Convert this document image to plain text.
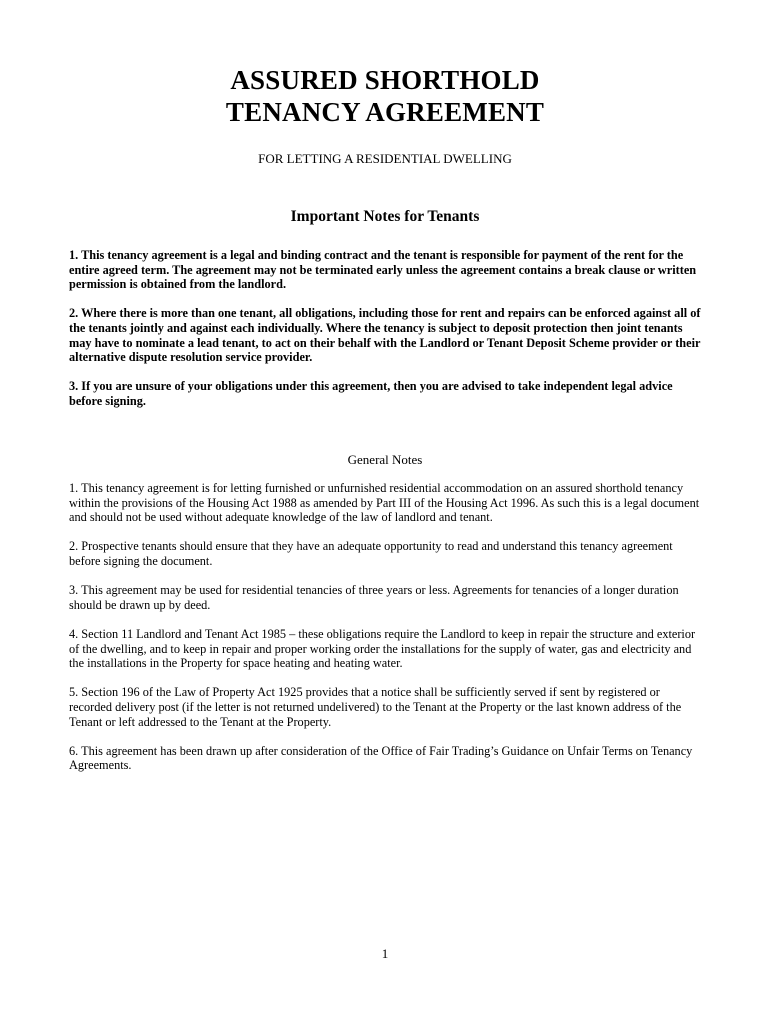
ASSURED SHORTHOLD
TENANCY AGREEMENT
FOR LETTING A RESIDENTIAL DWELLING
Important Notes for Tenants

1. This tenancy agreement is a legal and binding contract and the tenant is responsible for payment of the rent for the entire agreed term. The agreement may not be terminated early unless the agreement contains a break clause or written permission is obtained from the landlord.

2. Where there is more than one tenant, all obligations, including those for rent and repairs can be enforced against all of the tenants jointly and against each individually. Where the tenancy is subject to deposit protection then joint tenants may have to nominate a lead tenant, to act on their behalf with the Landlord or Tenant Deposit Scheme provider or their alternative dispute resolution service provider.

3. If you are unsure of your obligations under this agreement, then you are advised to take independent legal advice before signing.

General Notes

1. This tenancy agreement is for letting furnished or unfurnished residential accommodation on an assured shorthold tenancy within the provisions of the Housing Act 1988 as amended by Part III of the Housing Act 1996. As such this is a legal document and should not be used without adequate knowledge of the law of landlord and tenant.

2. Prospective tenants should ensure that they have an adequate opportunity to read and understand this tenancy agreement before signing the document.

3. This agreement may be used for residential tenancies of three years or less. Agreements for tenancies of a longer duration should be drawn up by deed.

4. Section 11 Landlord and Tenant Act 1985 – these obligations require the Landlord to keep in repair the structure and exterior of the dwelling, and to keep in repair and proper working order the installations for the supply of water, gas and electricity and the installations in the Property for space heating and heating water.

5. Section 196 of the Law of Property Act 1925 provides that a notice shall be sufficiently served if sent by registered or recorded delivery post (if the letter is not returned undelivered) to the Tenant at the Property or the last known address of the Tenant or left addressed to the Tenant at the Property.

6. This agreement has been drawn up after consideration of the Office of Fair Trading’s Guidance on Unfair Terms on Tenancy Agreements.

1
